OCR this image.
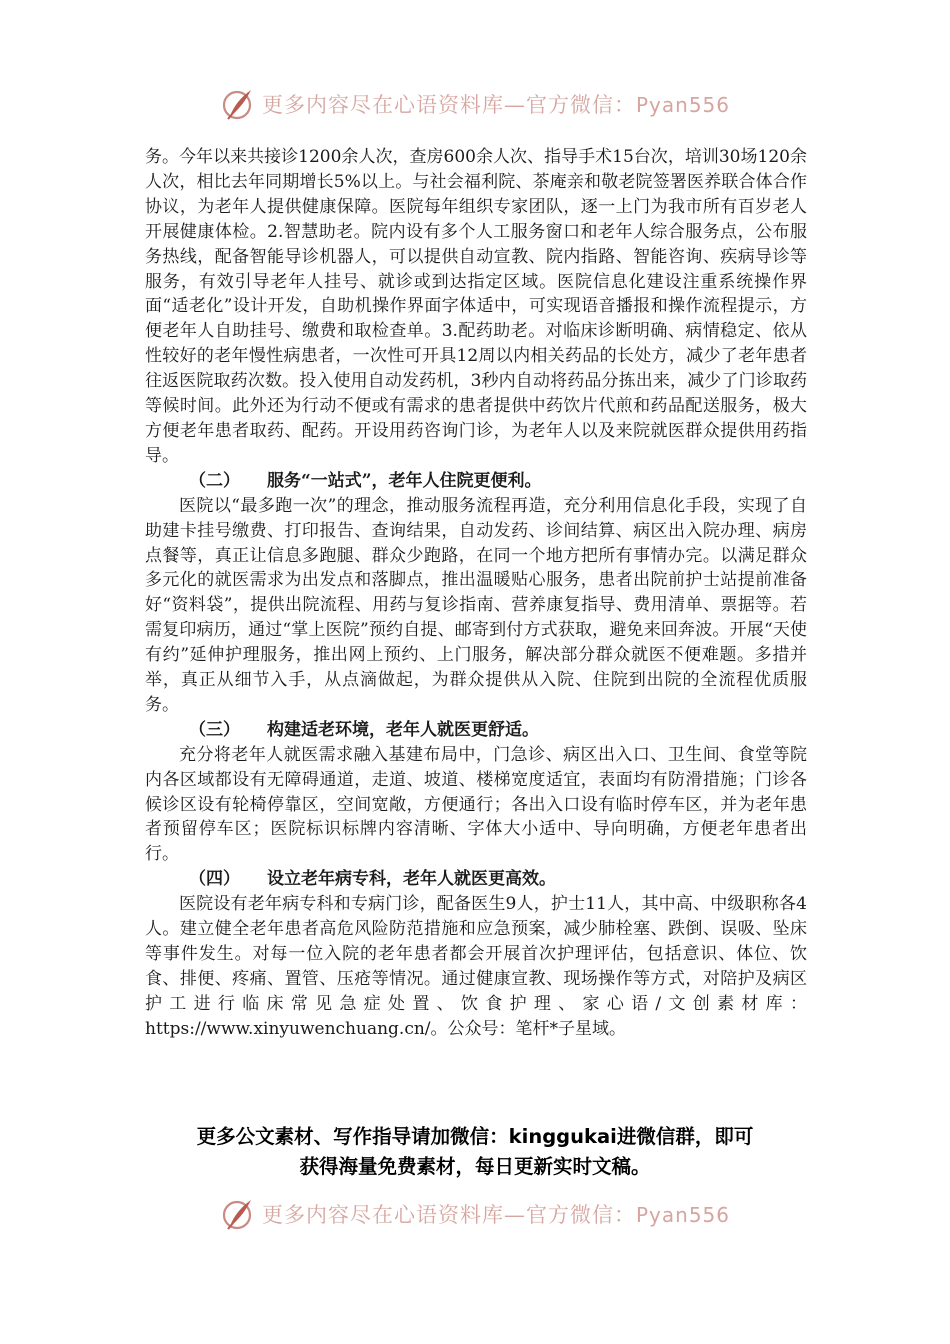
更多内容尽在心语资料库—官方微信：Pyan556

务。今年以来共接诊1200余人次，查房600余人次、指导手术15台次，培训30场120余人次，相比去年同期增长5%以上。与社会福利院、茶庵亲和敬老院签署医养联合体合作协议，为老年人提供健康保障。医院每年组织专家团队，逐一上门为我市所有百岁老人开展健康体检。2.智慧助老。院内设有多个人工服务窗口和老年人综合服务点，公布服务热线，配备智能导诊机器人，可以提供自动宣教、院内指路、智能咨询、疾病导诊等服务，有效引导老年人挂号、就诊或到达指定区域。医院信息化建设注重系统操作界面“适老化”设计开发，自助机操作界面字体适中，可实现语音播报和操作流程提示，方便老年人自助挂号、缴费和取检查单。3.配药助老。对临床诊断明确、病情稳定、依从性较好的老年慢性病患者，一次性可开具12周以内相关药品的长处方，减少了老年患者往返医院取药次数。投入使用自动发药机，3秒内自动将药品分拣出来，减少了门诊取药等候时间。此外还为行动不便或有需求的患者提供中药饮片代煎和药品配送服务，极大方便老年患者取药、配药。开设用药咨询门诊，为老年人以及来院就医群众提供用药指导。

（二） 服务“一站式”，老年人住院更便利。

医院以“最多跑一次”的理念，推动服务流程再造，充分利用信息化手段，实现了自助建卡挂号缴费、打印报告、查询结果，自动发药、诊间结算、病区出入院办理、病房点餐等，真正让信息多跑腿、群众少跑路，在同一个地方把所有事情办完。以满足群众多元化的就医需求为出发点和落脚点，推出温暖贴心服务，患者出院前护士站提前准备好“资料袋”，提供出院流程、用药与复诊指南、营养康复指导、费用清单、票据等。若需复印病历，通过“掌上医院”预约自提、邮寄到付方式获取，避免来回奔波。开展“天使有约”延伸护理服务，推出网上预约、上门服务，解决部分群众就医不便难题。多措并举，真正从细节入手，从点滴做起，为群众提供从入院、住院到出院的全流程优质服务。

（三） 构建适老环境，老年人就医更舒适。

充分将老年人就医需求融入基建布局中，门急诊、病区出入口、卫生间、食堂等院内各区域都设有无障碍通道，走道、坡道、楼梯宽度适宜，表面均有防滑措施；门诊各候诊区设有轮椅停靠区，空间宽敞，方便通行；各出入口设有临时停车区，并为老年患者预留停车区；医院标识标牌内容清晰、字体大小适中、导向明确，方便老年患者出行。

（四） 设立老年病专科，老年人就医更高效。

医院设有老年病专科和专病门诊，配备医生9人，护士11人，其中高、中级职称各4人。建立健全老年患者高危风险防范措施和应急预案，减少肺栓塞、跌倒、误吸、坠床等事件发生。对每一位入院的老年患者都会开展首次护理评估，包括意识、体位、饮食、排便、疼痛、置管、压疮等情况。通过健康宣教、现场操作等方式，对陪护及病区护工进行临床常见急症处置、饮食护理、家心语/文创素材库：https://www.xinyuwenchuang.cn/。公众号：笔杆*子星域。

更多公文素材、写作指导请加微信：kinggukai进微信群，即可
获得海量免费素材，每日更新实时文稿。
更多内容尽在心语资料库—官方微信：Pyan556
